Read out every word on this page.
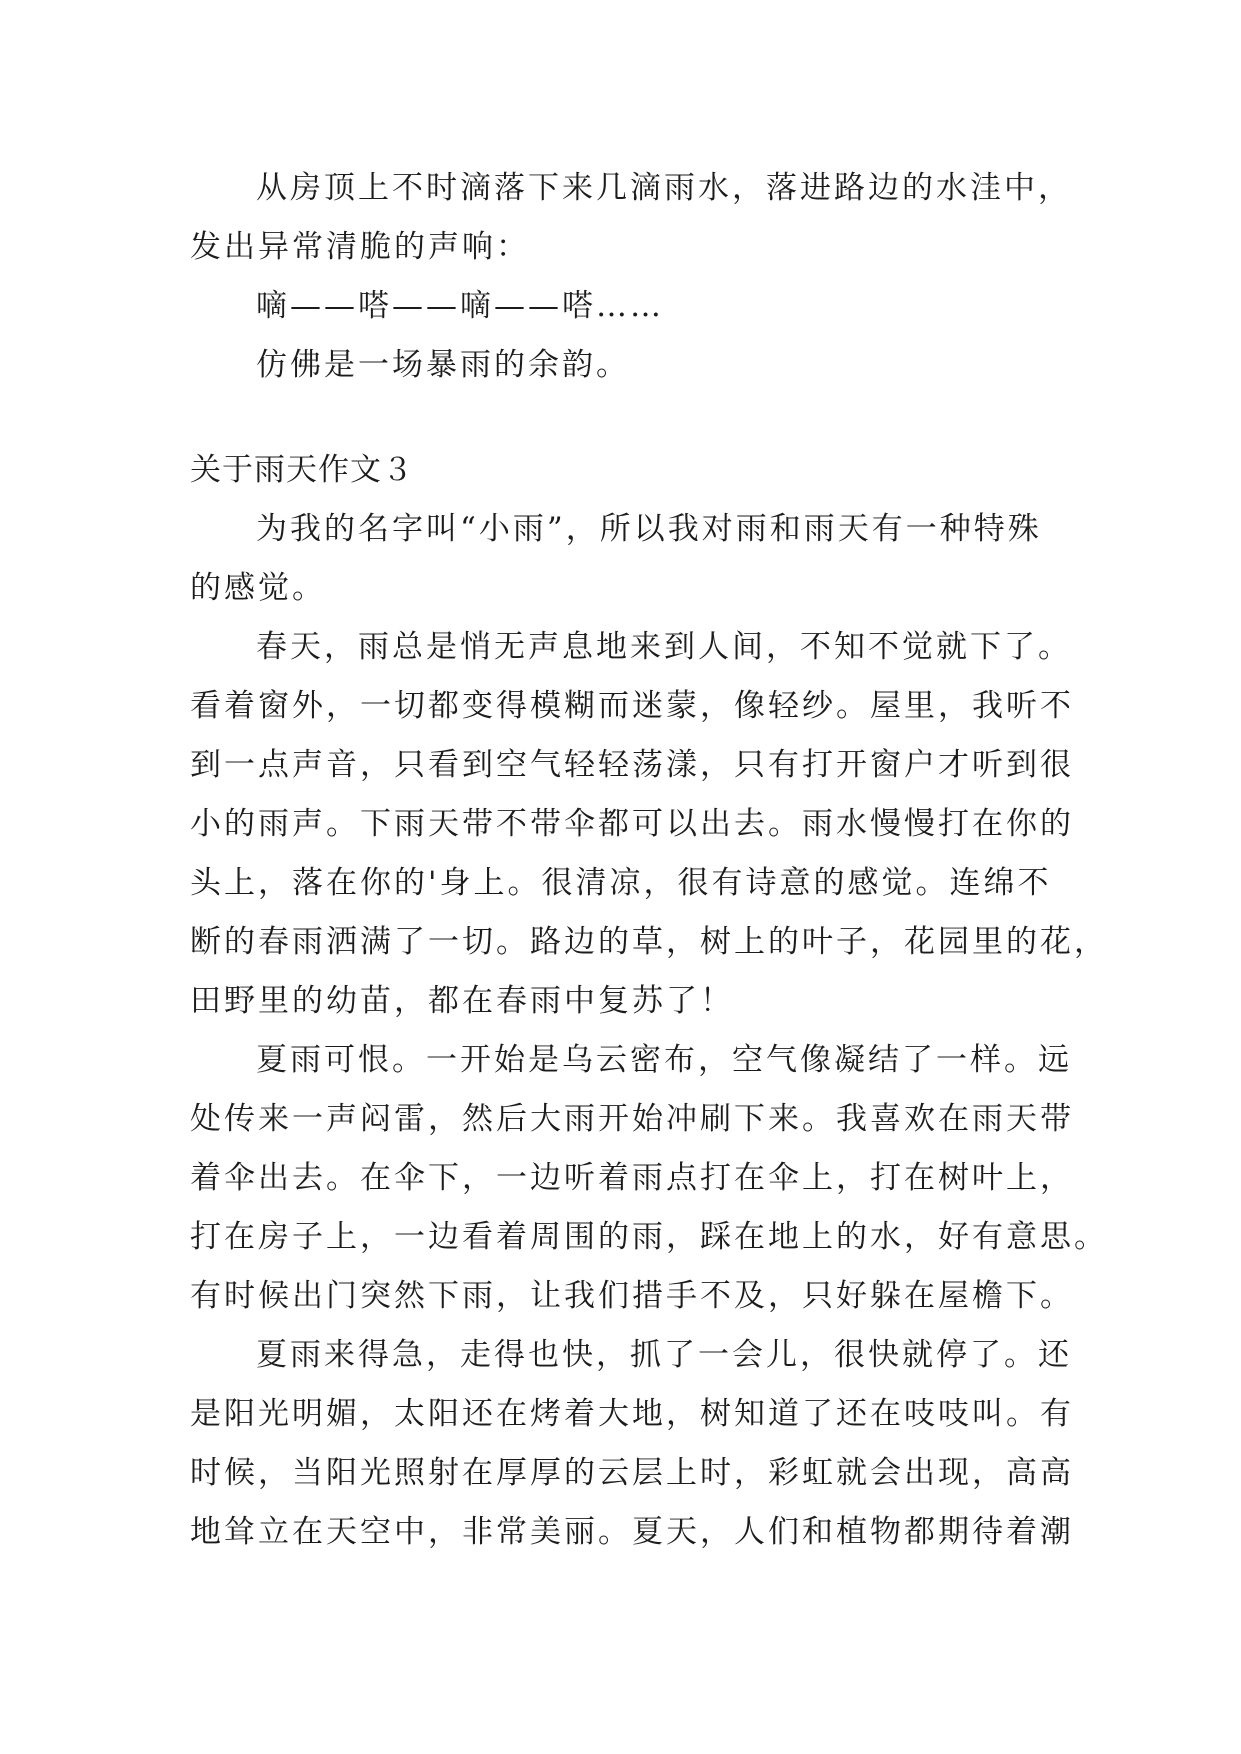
从房顶上不时滴落下来几滴雨水，落进路边的水洼中，
发出异常清脆的声响：
嘀——嗒——嘀——嗒……
仿佛是一场暴雨的余韵。
关于雨天作文３
为我的名字叫“小雨”，所以我对雨和雨天有一种特殊
的感觉。
春天，雨总是悄无声息地来到人间，不知不觉就下了。
看着窗外，一切都变得模糊而迷蒙，像轻纱。屋里，我听不
到一点声音，只看到空气轻轻荡漾，只有打开窗户才听到很
小的雨声。下雨天带不带伞都可以出去。雨水慢慢打在你的
头上，落在你的'身上。很清凉，很有诗意的感觉。连绵不
断的春雨洒满了一切。路边的草，树上的叶子，花园里的花，
田野里的幼苗，都在春雨中复苏了！
夏雨可恨。一开始是乌云密布，空气像凝结了一样。远
处传来一声闷雷，然后大雨开始冲刷下来。我喜欢在雨天带
着伞出去。在伞下，一边听着雨点打在伞上，打在树叶上，
打在房子上，一边看着周围的雨，踩在地上的水，好有意思。
有时候出门突然下雨，让我们措手不及，只好躲在屋檐下。
夏雨来得急，走得也快，抓了一会儿，很快就停了。还
是阳光明媚，太阳还在烤着大地，树知道了还在吱吱叫。有
时候，当阳光照射在厚厚的云层上时，彩虹就会出现，高高
地耸立在天空中，非常美丽。夏天，人们和植物都期待着潮
